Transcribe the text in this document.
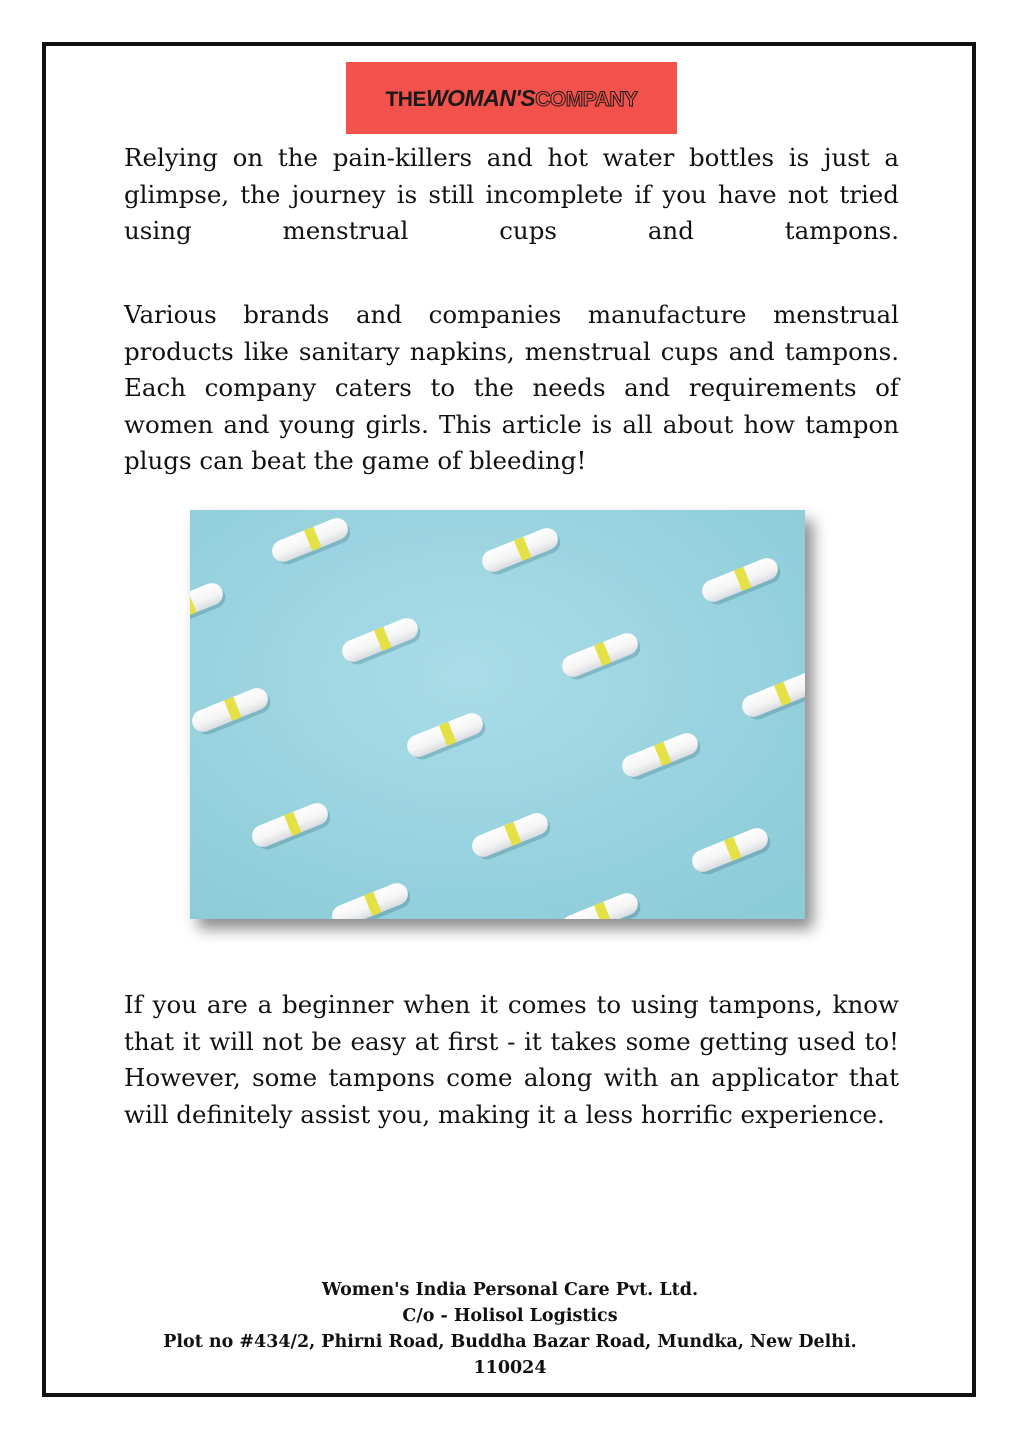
THEWOMAN'SCOMPANY

Relying on the pain-killers and hot water bottles is just a glimpse, the journey is still incomplete if you have not tried using menstrual cups and tampons.

Various brands and companies manufacture menstrual products like sanitary napkins, menstrual cups and tampons. Each company caters to the needs and requirements of women and young girls. This article is all about how tampon plugs can beat the game of bleeding!

If you are a beginner when it comes to using tampons, know that it will not be easy at first - it takes some getting used to! However, some tampons come along with an applicator that will definitely assist you, making it a less horrific experience.

Women's India Personal Care Pvt. Ltd.
C/o - Holisol Logistics
Plot no #434/2, Phirni Road, Buddha Bazar Road, Mundka, New Delhi.
110024
